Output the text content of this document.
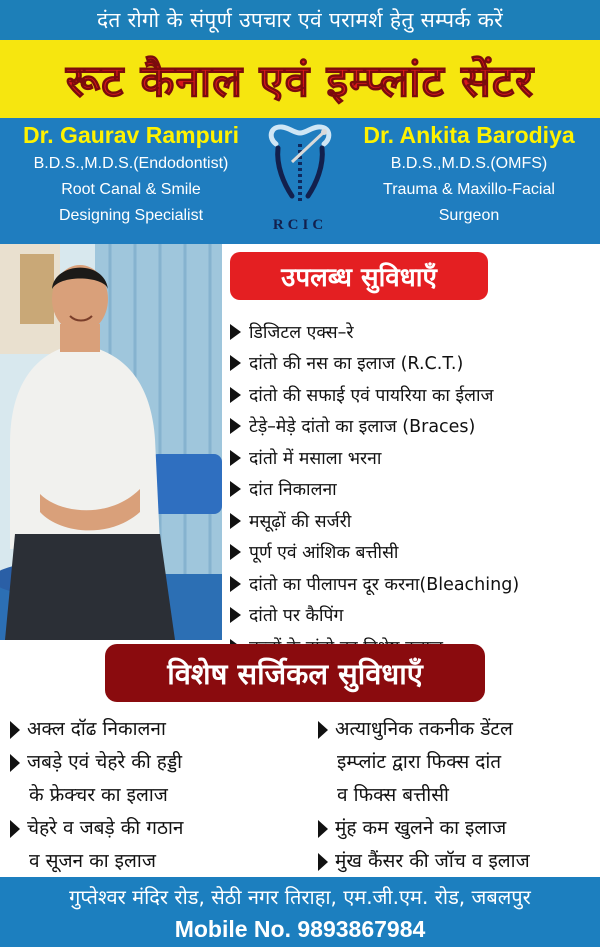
दंत रोगो के संपूर्ण उपचार एवं परामर्श हेतु सम्पर्क करें
रूट कैनाल एवं इम्प्लांट सेंटर
Dr. Gaurav Rampuri
B.D.S.,M.D.S.(Endodontist)
Root Canal & Smile
Designing Specialist
RCIC
Dr. Ankita Barodiya
B.D.S.,M.D.S.(OMFS)
Trauma & Maxillo-Facial
Surgeon
उपलब्ध सुविधाएँ
डिजिटल एक्स–रे
दांतो की नस का इलाज (R.C.T.)
दांतो की सफाई एवं पायरिया का ईलाज
टेड़े–मेड़े दांतो का इलाज (Braces)
दांतो में मसाला भरना
दांत निकालना
मसूढ़ों की सर्जरी
पूर्ण एवं आंशिक बत्तीसी
दांतो का पीलापन दूर करना(Bleaching)
दांतो पर कैपिंग
विशेष सर्जिकल सुविधाएँ
अक्ल दॉढ निकालना
जबड़े एवं चेहरे की हड्डी
के फ्रेक्चर का इलाज
चेहरे व जबड़े की गठान
व सूजन का इलाज
अत्याधुनिक तकनीक डेंटल
इम्प्लांट द्वारा फिक्स दांत
व फिक्स बत्तीसी
मुंह कम खुलने का इलाज
मुंख कैंसर की जॉच व इलाज
गुप्तेश्वर मंदिर रोड, सेठी नगर तिराहा, एम.जी.एम. रोड, जबलपुर
Mobile No. 9893867984
